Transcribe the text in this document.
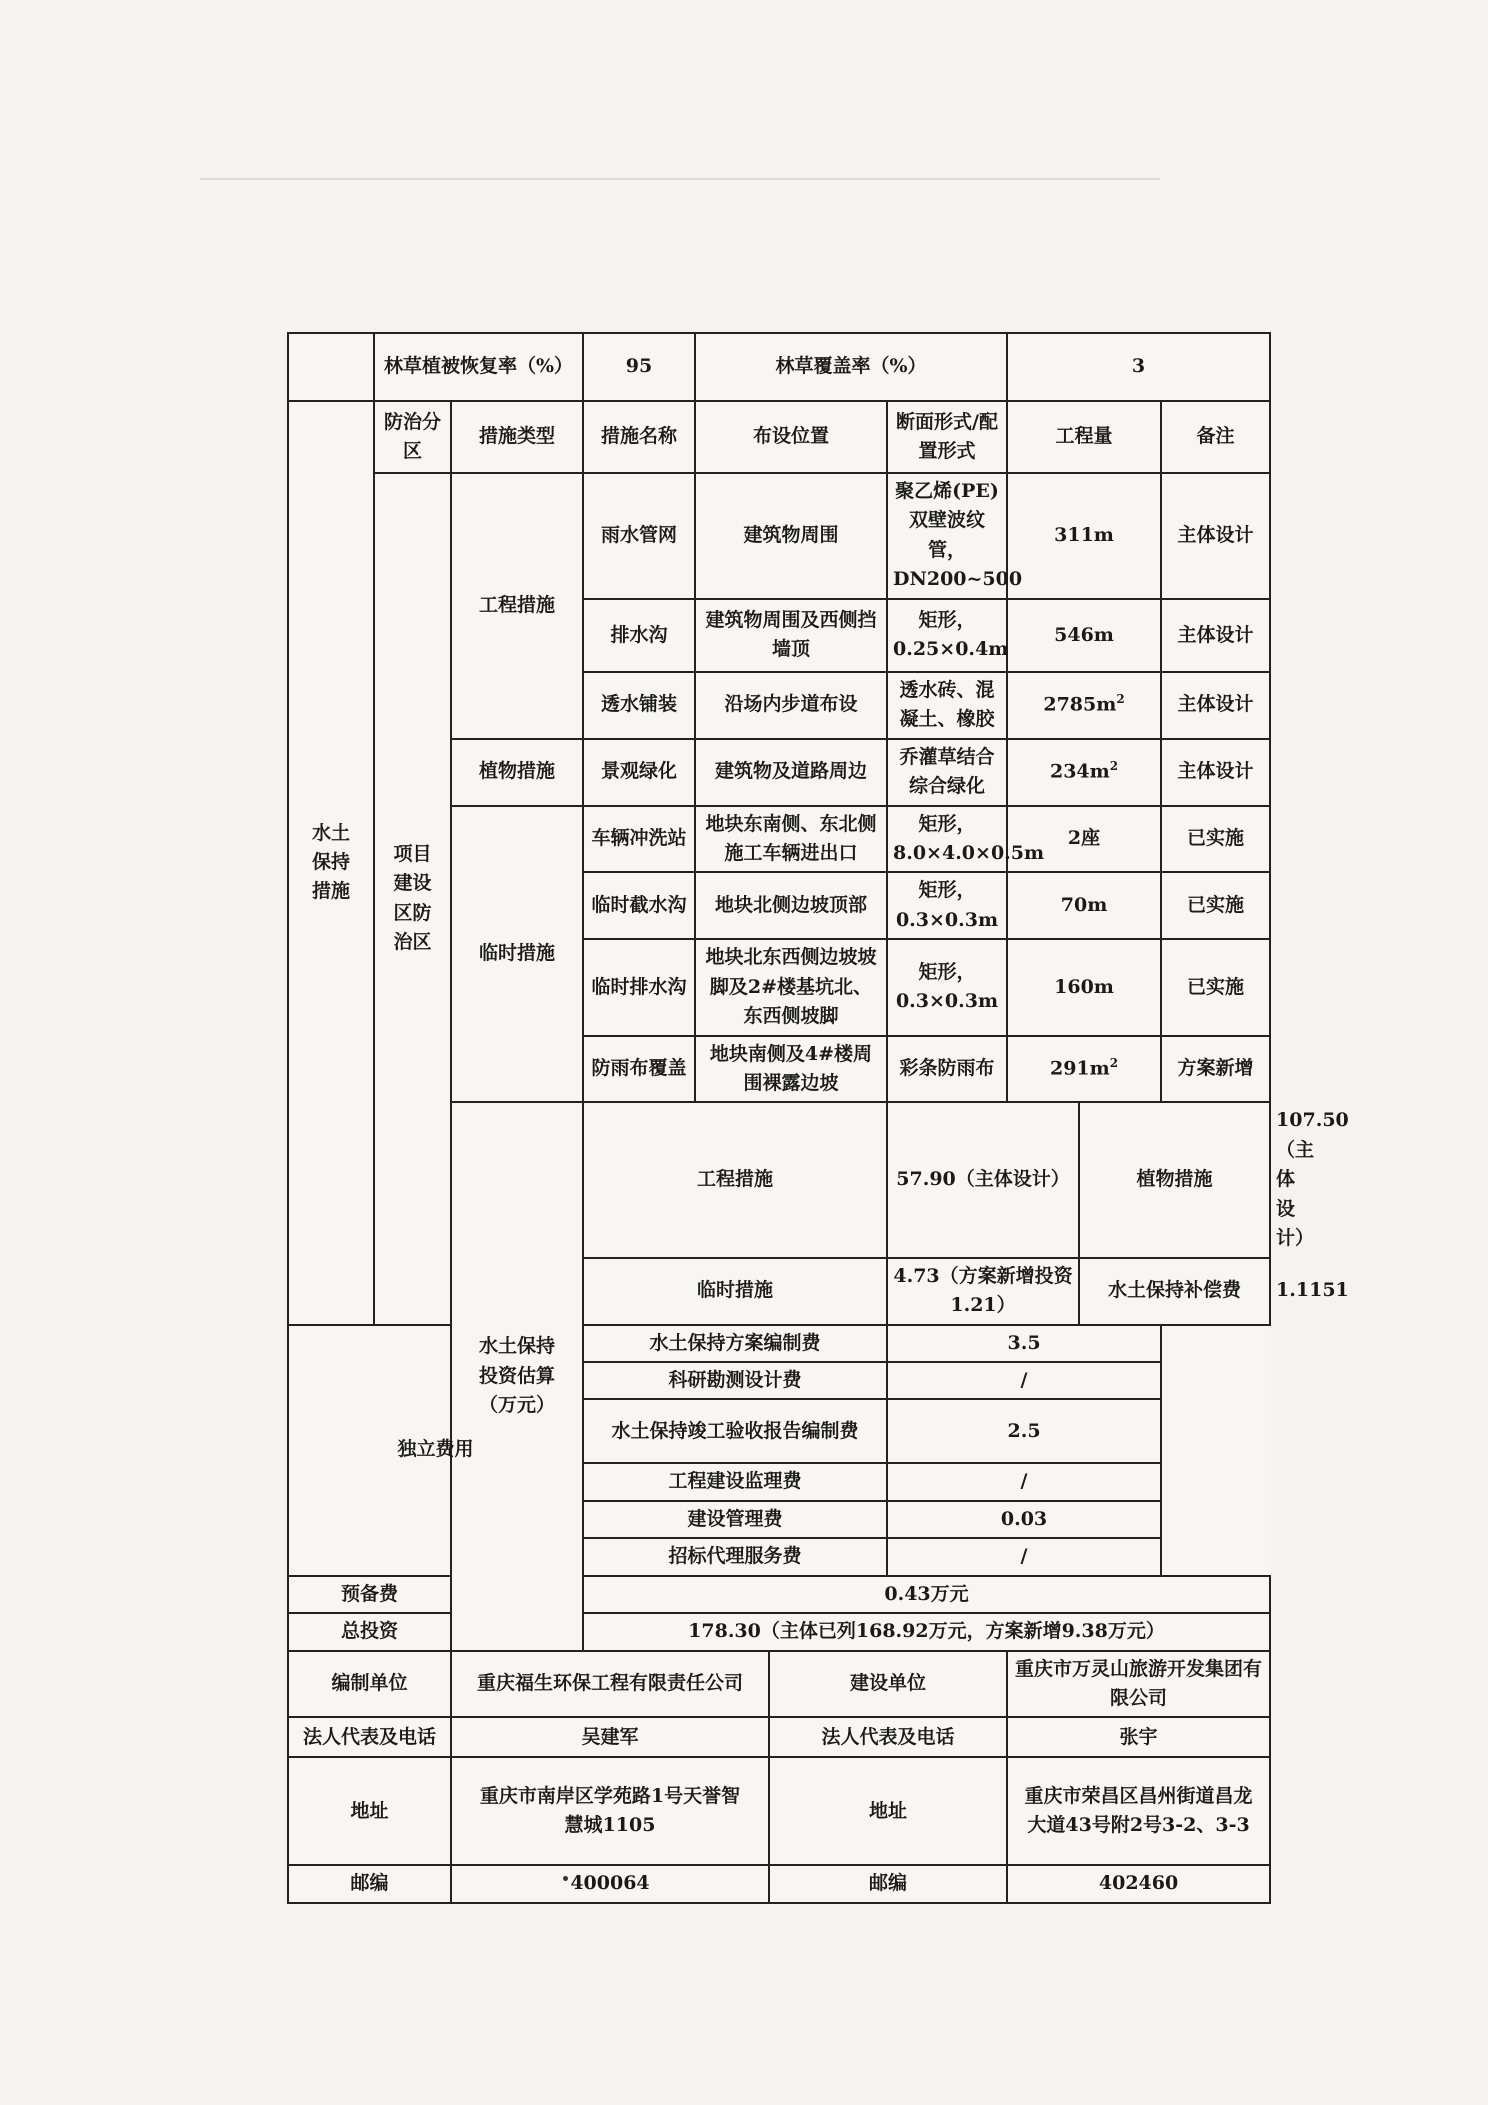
	林草植被恢复率（%）		95	林草覆盖率（%）			3			
水土保持措施	防治分区	措施类型	措施名称	布设位置		断面形式/配置形式	工程量		备注	
	项目建设区防治区	工程措施	雨水管网	建筑物周围		聚乙烯(PE)双壁波纹管，DN200~500	311m		主体设计	
			排水沟	建筑物周围及西侧挡墙顶		矩形，0.25×0.4m	546m		主体设计	
			透水铺装	沿场内步道布设		透水砖、混凝土、橡胶	$2785m^2$		主体设计	
		植物措施	景观绿化	建筑物及道路周边		乔灌草结合综合绿化	$234m^2$		主体设计	
		临时措施	车辆冲洗站	地块东南侧、东北侧施工车辆进出口		矩形，8.0×4.0×0.5m	2座		已实施	
			临时截水沟	地块北侧边坡顶部		矩形，0.3×0.3m	70m		已实施	
			临时排水沟	地块北东西侧边坡坡脚及2#楼基坑北、东西侧坡脚		矩形，0.3×0.3m	160m		已实施	
			防雨布覆盖	地块南侧及4#楼周围裸露边坡		彩条防雨布	$291m^2$		方案新增	
		水土保持投资估算（万元）	工程措施			57.90（主体设计）		植物措施		107.50（主体设计）
			临时措施			4.73（方案新增投资1.21）		水土保持补偿费		1.1151
独立费用			水土保持方案编制费			3.5				
			科研勘测设计费			/				
			水土保持竣工验收报告编制费			2.5				
			工程建设监理费			/				
			建设管理费			0.03				
			招标代理服务费			/				
预备费			0.43万元							
总投资			178.30（主体已列168.92万元，方案新增9.38万元）							
编制单位		重庆福生环保工程有限责任公司			建设单位		重庆市万灵山旅游开发集团有限公司			
法人代表及电话		吴建军			法人代表及电话		张宇			
地址		重庆市南岸区学苑路1号天誉智慧城1105			地址		重庆市荣昌区昌州街道昌龙大道43号附2号3-2、3-3			
邮编		400064			邮编		402460			
